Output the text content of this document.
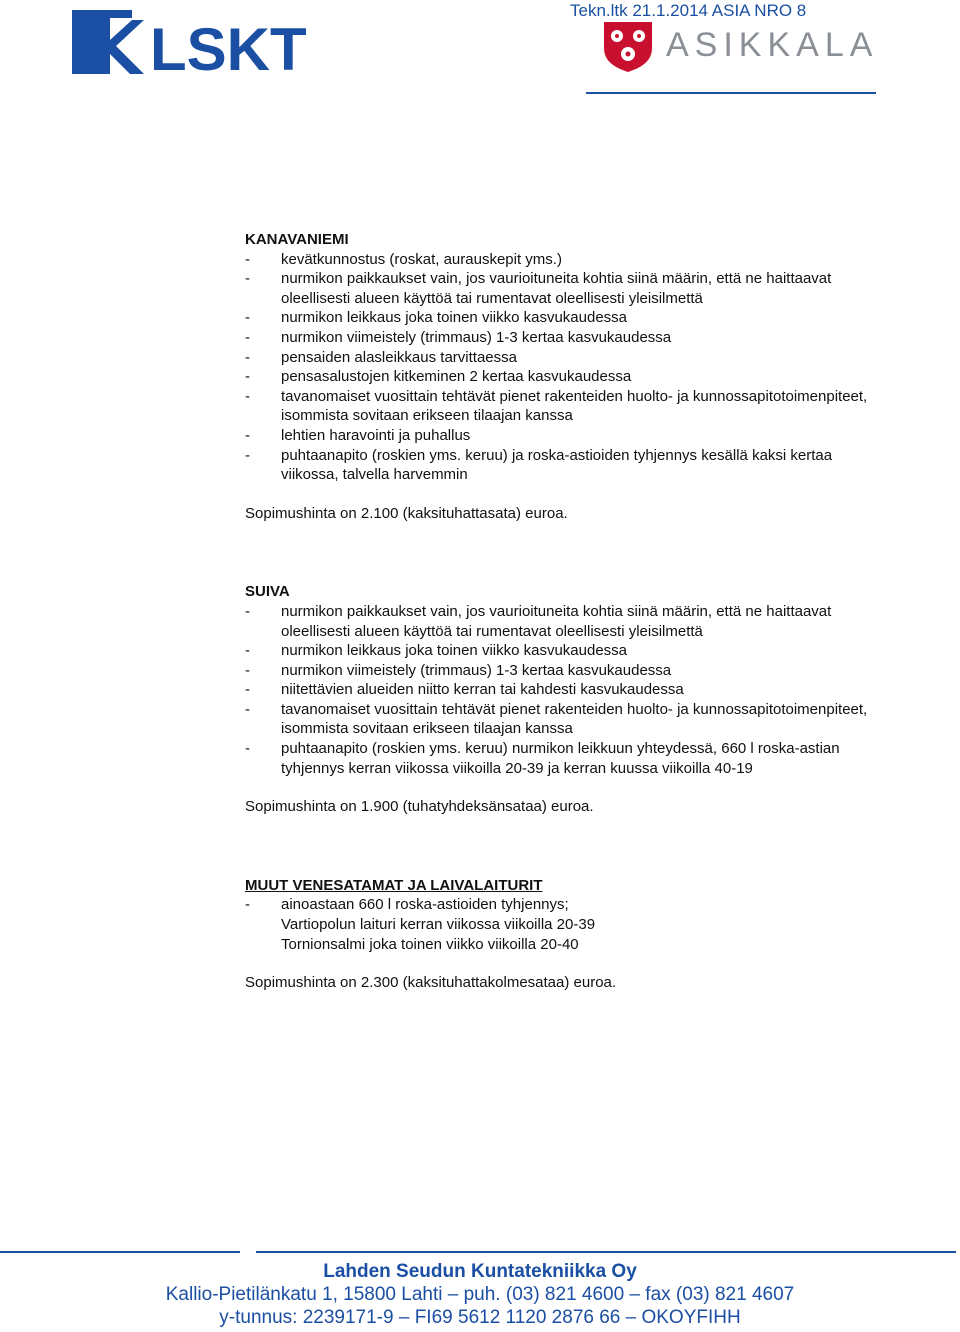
Tekn.ltk 21.1.2014 ASIA NRO 8
LSKT	ASIKKALA
KANAVANIEMI
- kevätkunnostus (roskat, aurauskepit yms.)
- nurmikon paikkaukset vain, jos vaurioituneita kohtia siinä määrin, että ne haittaavat
oleellisesti alueen käyttöä tai rumentavat oleellisesti yleisilmettä
- nurmikon leikkaus joka toinen viikko kasvukaudessa
- nurmikon viimeistely (trimmaus) 1-3 kertaa kasvukaudessa
- pensaiden alasleikkaus tarvittaessa
- pensasalustojen kitkeminen 2 kertaa kasvukaudessa
- tavanomaiset vuosittain tehtävät pienet rakenteiden huolto- ja kunnossapitotoimenpiteet,
isommista sovitaan erikseen tilaajan kanssa
- lehtien haravointi ja puhallus
- puhtaanapito (roskien yms. keruu) ja roska-astioiden tyhjennys kesällä kaksi kertaa
viikossa, talvella harvemmin
Sopimushinta on 2.100 (kaksituhattasata) euroa.
SUIVA
- nurmikon paikkaukset vain, jos vaurioituneita kohtia siinä määrin, että ne haittaavat
oleellisesti alueen käyttöä tai rumentavat oleellisesti yleisilmettä
- nurmikon leikkaus joka toinen viikko kasvukaudessa
- nurmikon viimeistely (trimmaus) 1-3 kertaa kasvukaudessa
- niitettävien alueiden niitto kerran tai kahdesti kasvukaudessa
- tavanomaiset vuosittain tehtävät pienet rakenteiden huolto- ja kunnossapitotoimenpiteet,
isommista sovitaan erikseen tilaajan kanssa
- puhtaanapito (roskien yms. keruu) nurmikon leikkuun yhteydessä, 660 l roska-astian
tyhjennys kerran viikossa viikoilla 20-39 ja kerran kuussa viikoilla 40-19
Sopimushinta on 1.900 (tuhatyhdeksänsataa) euroa.
MUUT VENESATAMAT JA LAIVALAITURIT
- ainoastaan 660 l roska-astioiden tyhjennys;
Vartiopolun laituri kerran viikossa viikoilla 20-39
Tornionsalmi joka toinen viikko viikoilla 20-40
Sopimushinta on 2.300 (kaksituhattakolmesataa) euroa.
Lahden Seudun Kuntatekniikka Oy
Kallio-Pietilänkatu 1, 15800 Lahti – puh. (03) 821 4600 – fax (03) 821 4607
y-tunnus: 2239171-9 – FI69 5612 1120 2876 66 – OKOYFIHH
